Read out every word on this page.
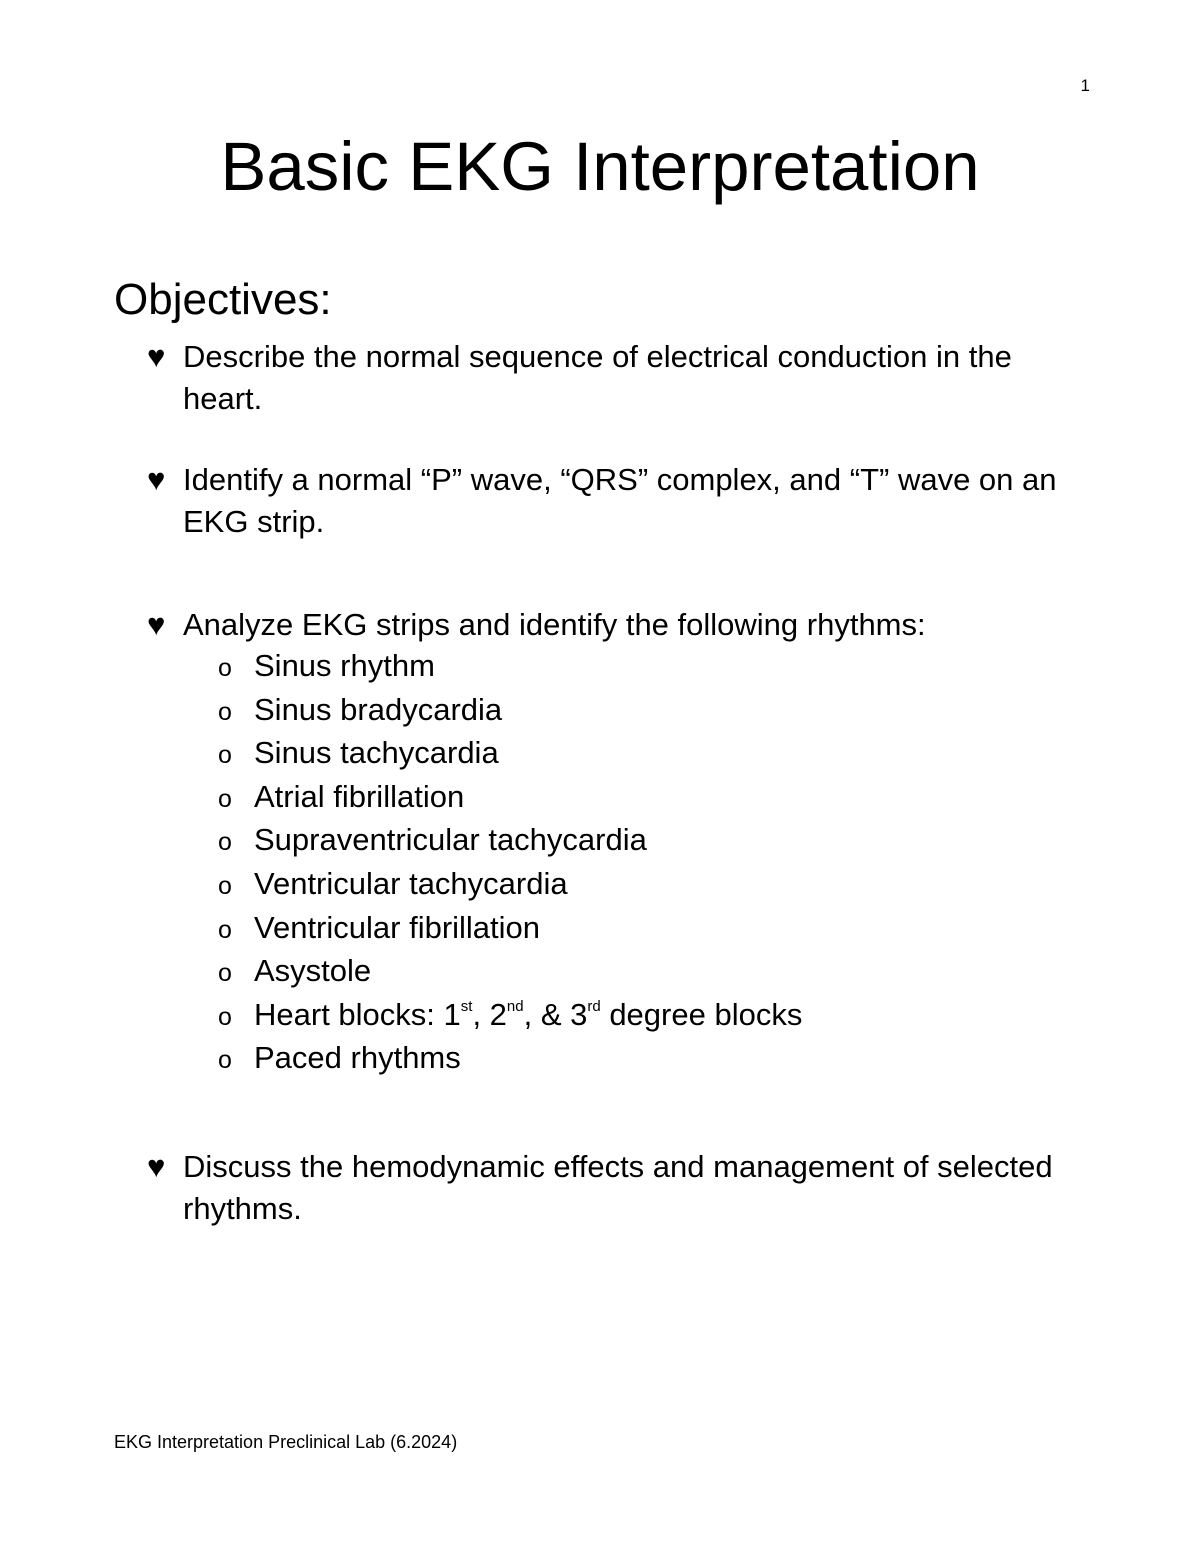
1
Basic EKG Interpretation
Objectives:
♥ Describe the normal sequence of electrical conduction in the heart.
♥ Identify a normal “P” wave, “QRS” complex, and “T” wave on an EKG strip.
♥ Analyze EKG strips and identify the following rhythms:
o Sinus rhythm
o Sinus bradycardia
o Sinus tachycardia
o Atrial fibrillation
o Supraventricular tachycardia
o Ventricular tachycardia
o Ventricular fibrillation
o Asystole
o Heart blocks: 1st, 2nd, & 3rd degree blocks
o Paced rhythms
♥ Discuss the hemodynamic effects and management of selected rhythms.
EKG Interpretation Preclinical Lab (6.2024)
